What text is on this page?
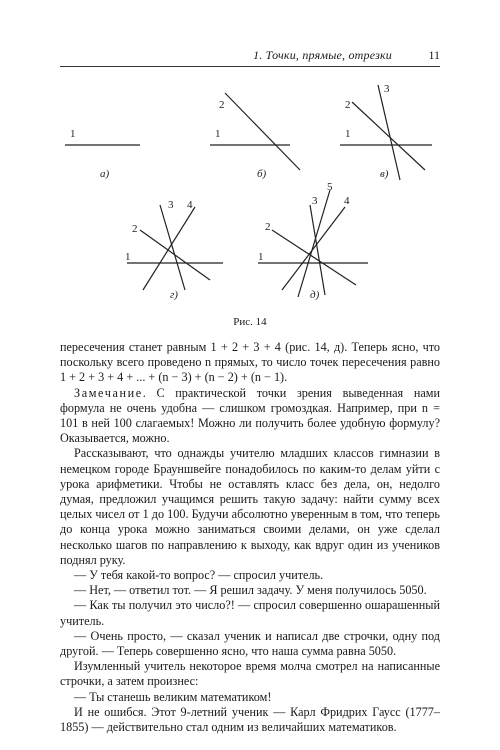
1. Точки, прямые, отрезки	11
1
а)
1
2
б)
1
2
3
в)
1
2
3 4
г)
1
2
3 4
5
д)
Рис. 14

пересечения станет равным 1 + 2 + 3 + 4 (рис. 14, д). Теперь ясно, что поскольку всего проведено n прямых, то число точек пересечения равно 1 + 2 + 3 + 4 + ... + (n − 3) + (n − 2) + (n − 1).

Замечание. С практической точки зрения выведенная нами формула не очень удобна — слишком громоздкая. Например, при n = 101 в ней 100 слагаемых! Можно ли получить более удобную формулу? Оказывается, можно.

Рассказывают, что однажды учителю младших классов гимназии в немецком городе Брауншвейге понадобилось по каким-то делам уйти с урока арифметики. Чтобы не оставлять класс без дела, он, недолго думая, предложил учащимся решить такую задачу: найти сумму всех целых чисел от 1 до 100. Будучи абсолютно уверенным в том, что теперь до конца урока можно заниматься своими делами, он уже сделал несколько шагов по направлению к выходу, как вдруг один из учеников поднял руку.

— У тебя какой-то вопрос? — спросил учитель.

— Нет, — ответил тот. — Я решил задачу. У меня получилось 5050.

— Как ты получил это число?! — спросил совершенно ошарашенный учитель.

— Очень просто, — сказал ученик и написал две строчки, одну под другой. — Теперь совершенно ясно, что наша сумма равна 5050.

Изумленный учитель некоторое время молча смотрел на написанные строчки, а затем произнес:

— Ты станешь великим математиком!

И не ошибся. Этот 9-летний ученик — Карл Фридрих Гаусс (1777–1855) — действительно стал одним из величайших математиков.
